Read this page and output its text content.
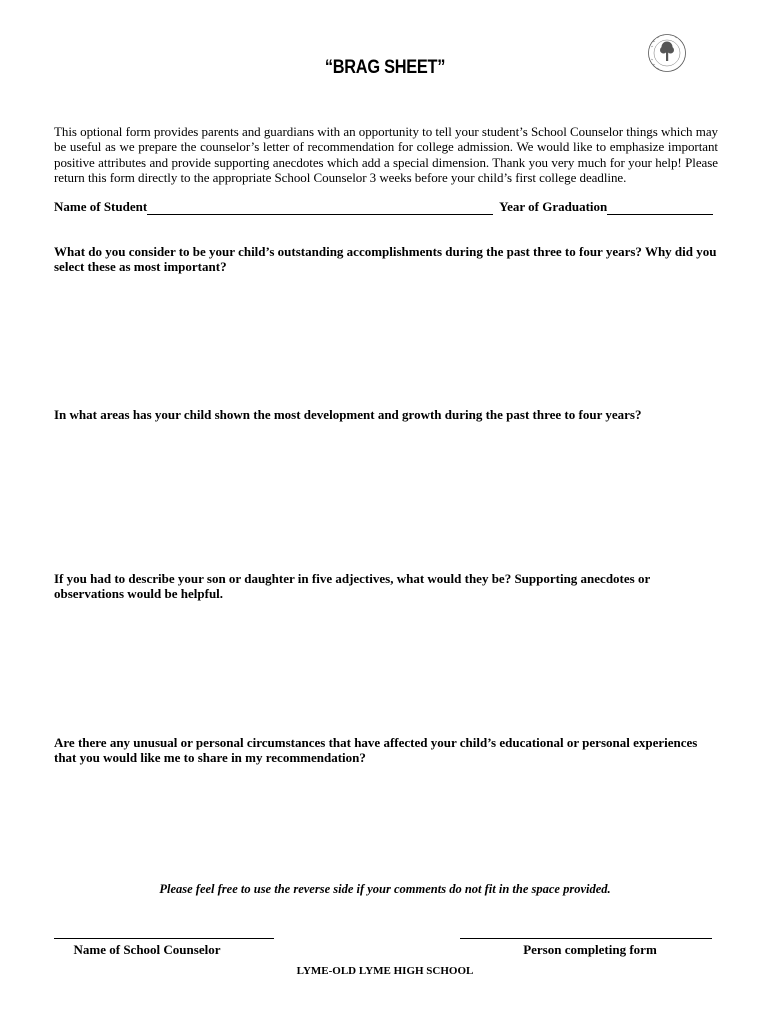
“BRAG SHEET”
This optional form provides parents and guardians with an opportunity to tell your student’s School Counselor things which may be useful as we prepare the counselor’s letter of recommendation for college admission. We would like to emphasize important positive attributes and provide supporting anecdotes which add a special dimension. Thank you very much for your help! Please return this form directly to the appropriate School Counselor 3 weeks before your child’s first college deadline.
Name of Student	Year of Graduation
What do you consider to be your child’s outstanding accomplishments during the past three to four years? Why did you select these as most important?
In what areas has your child shown the most development and growth during the past three to four years?
If you had to describe your son or daughter in five adjectives, what would they be? Supporting anecdotes or observations would be helpful.
Are there any unusual or personal circumstances that have affected your child’s educational or personal experiences that you would like me to share in my recommendation?
Please feel free to use the reverse side if your comments do not fit in the space provided.
Name of School Counselor	Person completing form
LYME-OLD LYME HIGH SCHOOL
